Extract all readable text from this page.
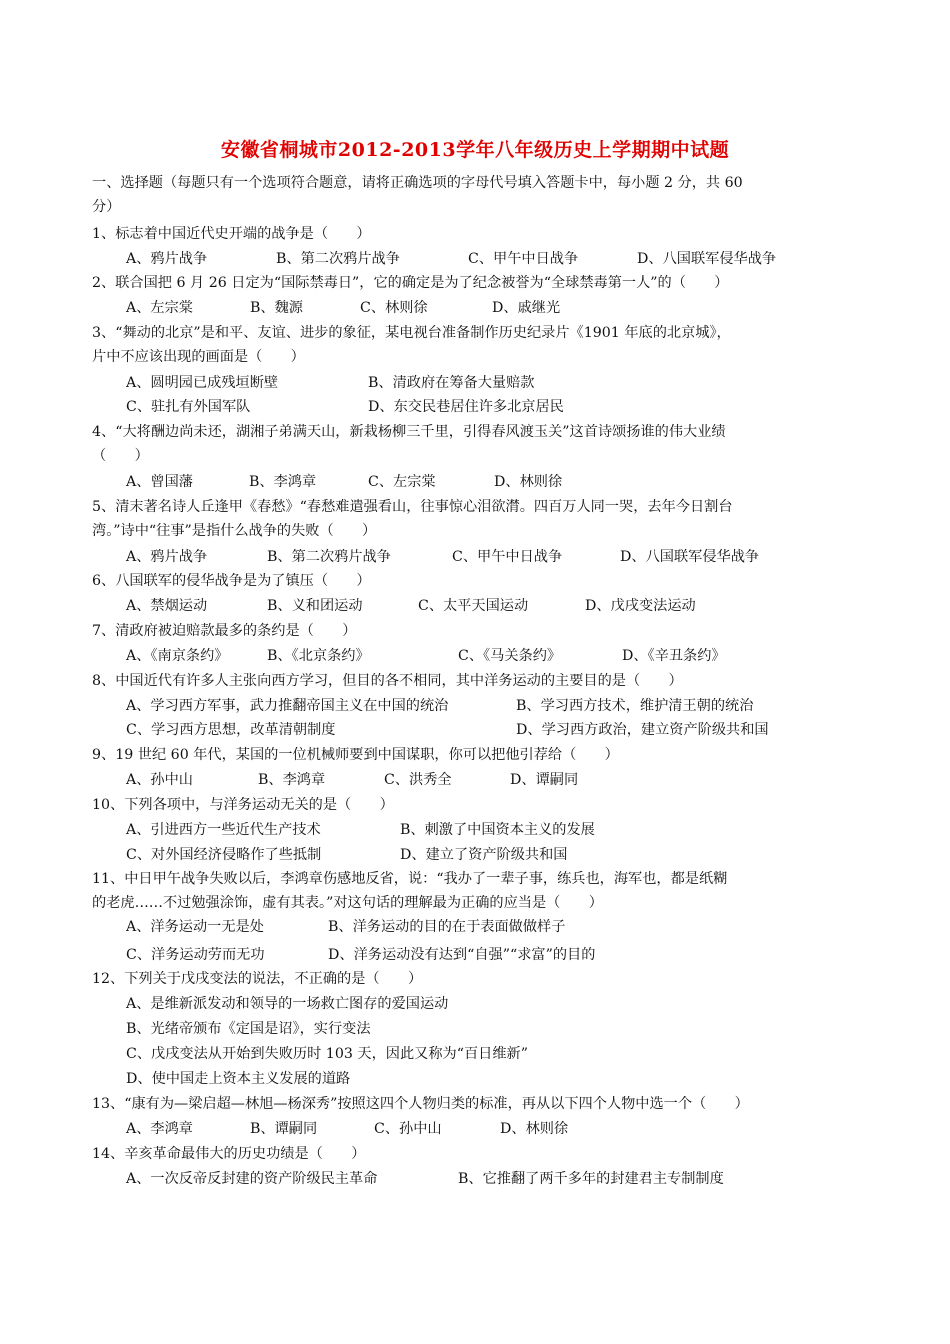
安徽省桐城市2012-2013学年八年级历史上学期期中试题
一、选择题（每题只有一个选项符合题意，请将正确选项的字母代号填入答题卡中，每小题 2 分，共 60
分）
1、标志着中国近代史开端的战争是（　　）
A、鸦片战争	B、第二次鸦片战争	C、甲午中日战争	D、八国联军侵华战争
2、联合国把 6 月 26 日定为“国际禁毒日”，它的确定是为了纪念被誉为“全球禁毒第一人”的（　　）
A、左宗棠	B、魏源	C、林则徐	D、戚继光
3、“舞动的北京”是和平、友谊、进步的象征，某电视台准备制作历史纪录片《1901 年底的北京城》，
片中不应该出现的画面是（　　）
A、圆明园已成残垣断壁	B、清政府在筹备大量赔款
C、驻扎有外国军队	D、东交民巷居住许多北京居民
4、“大将酬边尚未还，湖湘子弟满天山，新栽杨柳三千里，引得春风渡玉关”这首诗颂扬谁的伟大业绩
（　　）
A、曾国藩	B、李鸿章	C、左宗棠	D、林则徐
5、清末著名诗人丘逢甲《春愁》“春愁难遣强看山，往事惊心泪欲潸。四百万人同一哭，去年今日割台
湾。”诗中“往事”是指什么战争的失败（　　）
A、鸦片战争	B、第二次鸦片战争	C、甲午中日战争	D、八国联军侵华战争
6、八国联军的侵华战争是为了镇压（　　）
A、禁烟运动	B、义和团运动	C、太平天国运动	D、戊戌变法运动
7、清政府被迫赔款最多的条约是（　　）
A、《南京条约》	B、《北京条约》	C、《马关条约》	D、《辛丑条约》
8、中国近代有许多人主张向西方学习，但目的各不相同，其中洋务运动的主要目的是（　　）
A、学习西方军事，武力推翻帝国主义在中国的统治	B、学习西方技术，维护清王朝的统治
C、学习西方思想，改革清朝制度	D、学习西方政治，建立资产阶级共和国
9、19 世纪 60 年代，某国的一位机械师要到中国谋职，你可以把他引荐给（　　）
A、孙中山	B、李鸿章	C、洪秀全	D、谭嗣同
10、下列各项中，与洋务运动无关的是（　　）
A、引进西方一些近代生产技术	B、刺激了中国资本主义的发展
C、对外国经济侵略作了些抵制	D、建立了资产阶级共和国
11、中日甲午战争失败以后，李鸿章伤感地反省，说：“我办了一辈子事，练兵也，海军也，都是纸糊
的老虎……不过勉强涂饰，虚有其表。”对这句话的理解最为正确的应当是（　　）
A、洋务运动一无是处	B、洋务运动的目的在于表面做做样子
C、洋务运动劳而无功	D、洋务运动没有达到“自强”“求富”的目的
12、下列关于戊戌变法的说法，不正确的是（　　）
A、是维新派发动和领导的一场救亡图存的爱国运动
B、光绪帝颁布《定国是诏》，实行变法
C、戊戌变法从开始到失败历时 103 天，因此又称为“百日维新”
D、使中国走上资本主义发展的道路
13、“康有为—梁启超—林旭—杨深秀”按照这四个人物归类的标准，再从以下四个人物中选一个（　　）
A、李鸿章	B、谭嗣同	C、孙中山	D、林则徐
14、辛亥革命最伟大的历史功绩是（　　）
A、一次反帝反封建的资产阶级民主革命	B、它推翻了两千多年的封建君主专制制度
